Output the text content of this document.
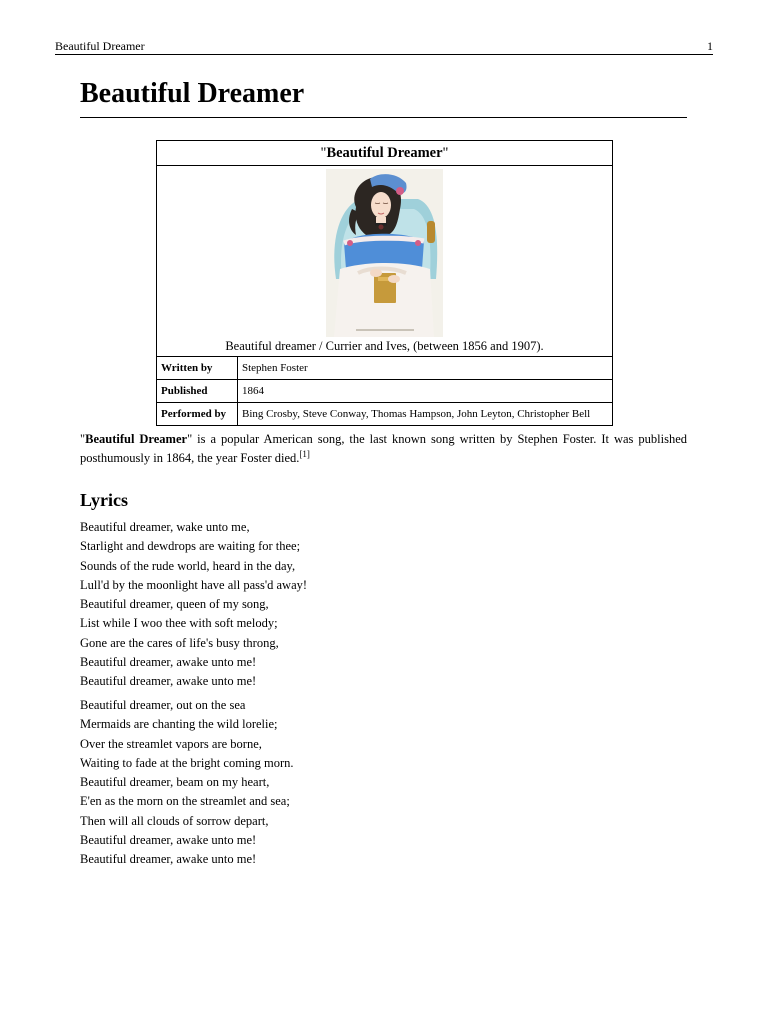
Beautiful Dreamer	1
Beautiful Dreamer
"Beautiful Dreamer"	

Beautiful dreamer / Currier and Ives, (between 1856 and 1907).	

Written by	Stephen Foster
Published	1864
Performed by	Bing Crosby, Steve Conway, Thomas Hampson, John Leyton, Christopher Bell

"Beautiful Dreamer" is a popular American song, the last known song written by Stephen Foster. It was published posthumously in 1864, the year Foster died.[1]

Lyrics
Beautiful dreamer, wake unto me,
Starlight and dewdrops are waiting for thee;
Sounds of the rude world, heard in the day,
Lull'd by the moonlight have all pass'd away!
Beautiful dreamer, queen of my song,
List while I woo thee with soft melody;
Gone are the cares of life's busy throng,
Beautiful dreamer, awake unto me!
Beautiful dreamer, awake unto me!
Beautiful dreamer, out on the sea
Mermaids are chanting the wild lorelie;
Over the streamlet vapors are borne,
Waiting to fade at the bright coming morn.
Beautiful dreamer, beam on my heart,
E'en as the morn on the streamlet and sea;
Then will all clouds of sorrow depart,
Beautiful dreamer, awake unto me!
Beautiful dreamer, awake unto me!
